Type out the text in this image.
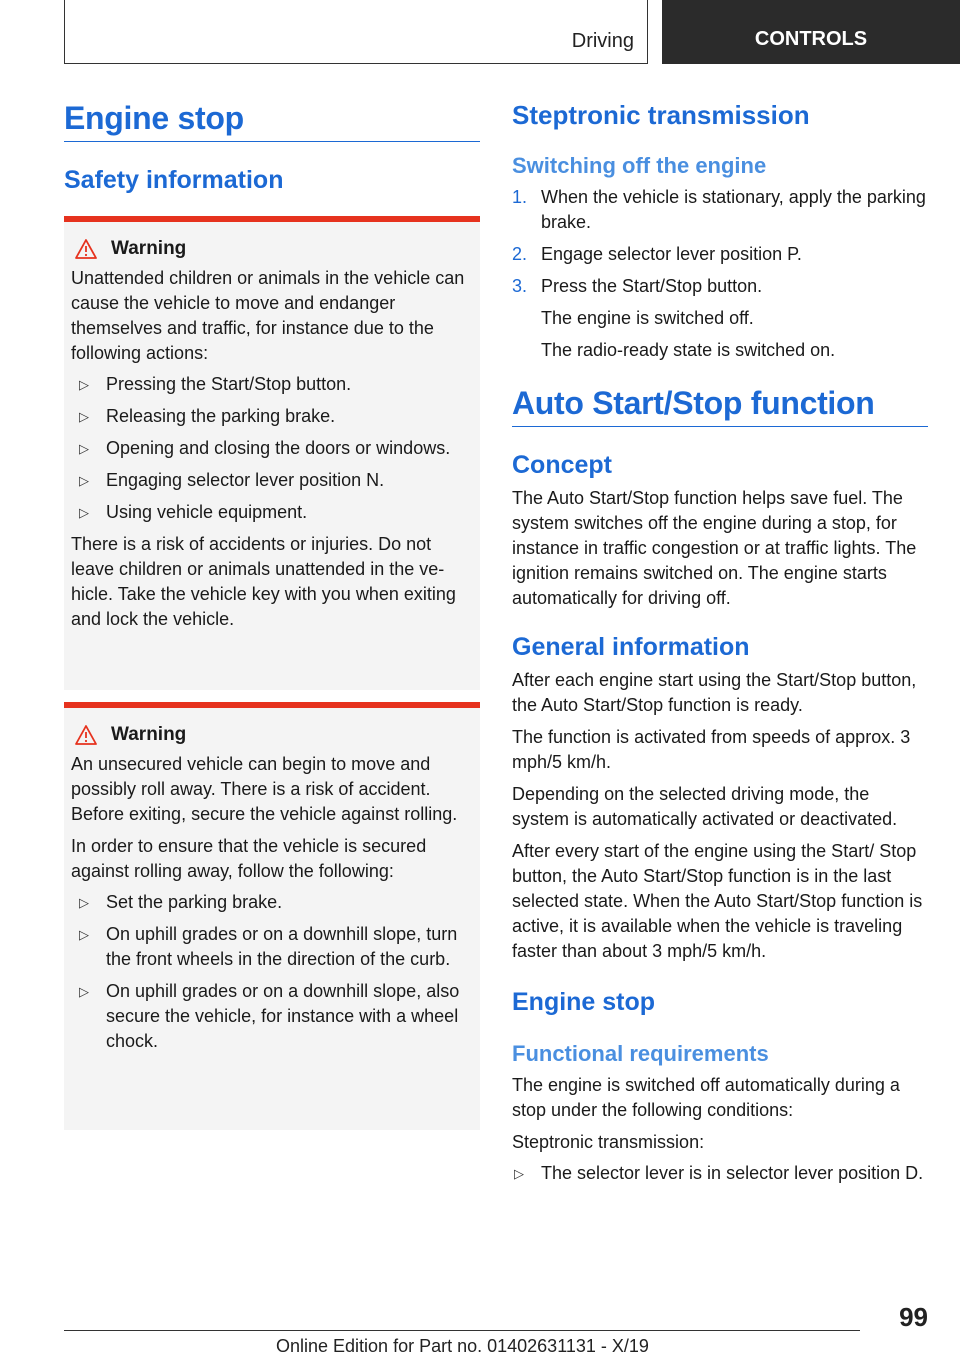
Driving	CONTROLS
Engine stop
Safety information
Warning

Unattended children or animals in the vehicle can cause the vehicle to move and endanger themselves and traffic, for instance due to the following actions:

▷ Pressing the Start/Stop button.
▷ Releasing the parking brake.
▷ Opening and closing the doors or windows.
▷ Engaging selector lever position N.
▷ Using vehicle equipment.

There is a risk of accidents or injuries. Do not leave children or animals unattended in the vehicle. Take the vehicle key with you when exiting and lock the vehicle.

Warning

An unsecured vehicle can begin to move and possibly roll away. There is a risk of accident. Before exiting, secure the vehicle against rolling.

In order to ensure that the vehicle is secured against rolling away, follow the following:

▷ Set the parking brake.
▷ On uphill grades or on a downhill slope, turn the front wheels in the direction of the curb.
▷ On uphill grades or on a downhill slope, also secure the vehicle, for instance with a wheel chock.
Steptronic transmission
Switching off the engine
1. When the vehicle is stationary, apply the parking brake.
2. Engage selector lever position P.
3. Press the Start/Stop button.
The engine is switched off.
The radio-ready state is switched on.
Auto Start/Stop function
Concept

The Auto Start/Stop function helps save fuel. The system switches off the engine during a stop, for instance in traffic congestion or at traffic lights. The ignition remains switched on. The engine starts automatically for driving off.

General information

After each engine start using the Start/Stop button, the Auto Start/Stop function is ready.

The function is activated from speeds of approx. 3 mph/5 km/h.

Depending on the selected driving mode, the system is automatically activated or deactivated.

After every start of the engine using the Start/ Stop button, the Auto Start/Stop function is in the last selected state. When the Auto Start/Stop function is active, it is available when the vehicle is traveling faster than about 3 mph/5 km/h.

Engine stop
Functional requirements

The engine is switched off automatically during a stop under the following conditions:

Steptronic transmission:

▷ The selector lever is in selector lever position D.
99
Online Edition for Part no. 01402631131 - X/19
